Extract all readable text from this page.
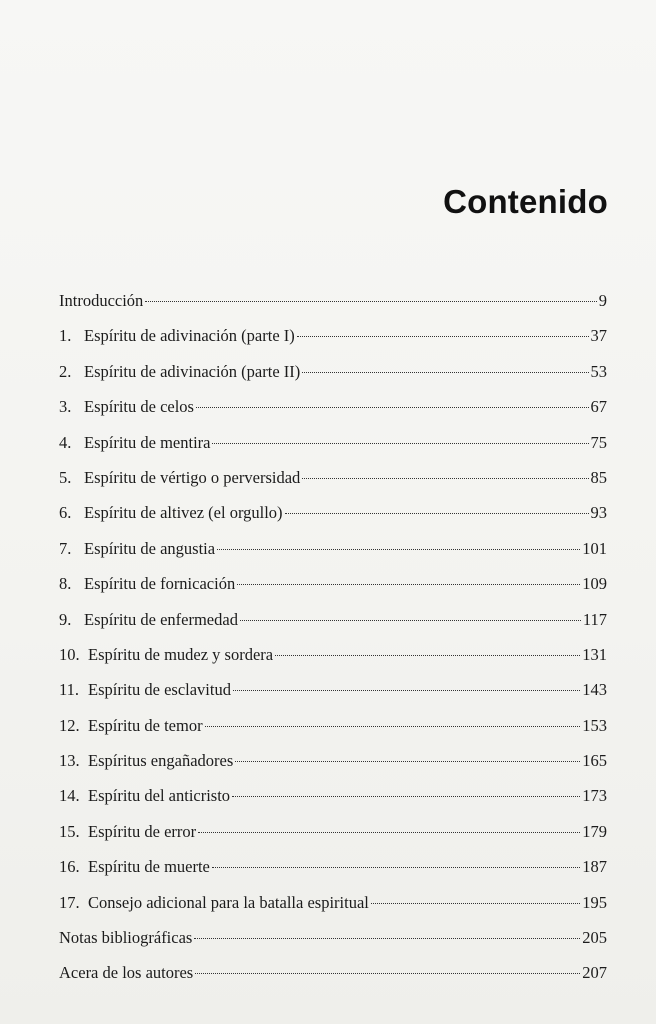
Contenido
Introducción	9
1. Espíritu de adivinación (parte I)	37
2. Espíritu de adivinación (parte II)	53
3. Espíritu de celos	67
4. Espíritu de mentira	75
5. Espíritu de vértigo o perversidad	85
6. Espíritu de altivez (el orgullo)	93
7. Espíritu de angustia	101
8. Espíritu de fornicación	109
9. Espíritu de enfermedad	117
10. Espíritu de mudez y sordera	131
11. Espíritu de esclavitud	143
12. Espíritu de temor	153
13. Espíritus engañadores	165
14. Espíritu del anticristo	173
15. Espíritu de error	179
16. Espíritu de muerte	187
17. Consejo adicional para la batalla espiritual	195
Notas bibliográficas	205
Acera de los autores	207
